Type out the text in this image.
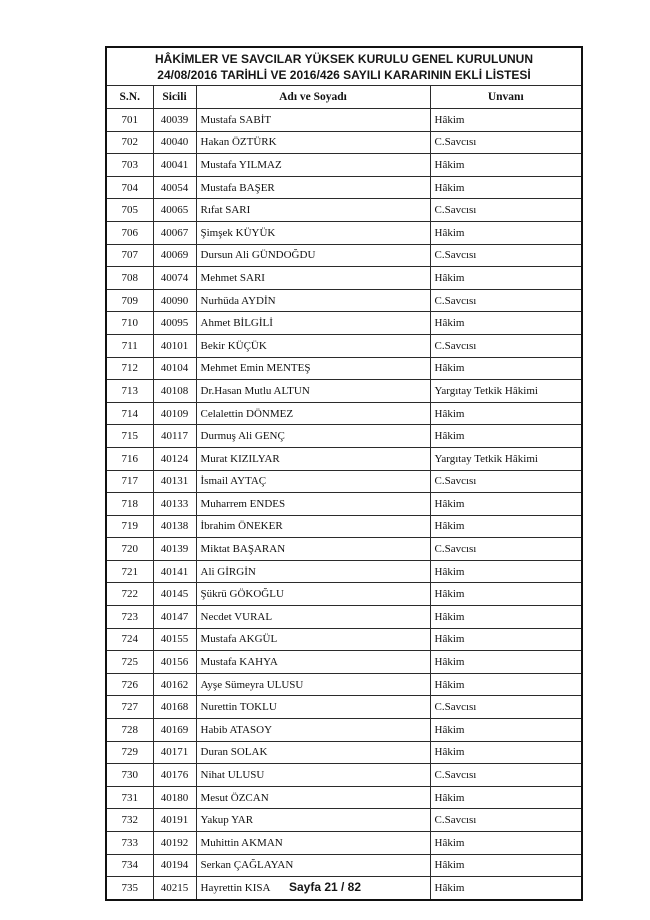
HÂKİMLER VE SAVCILAR YÜKSEK KURULU GENEL KURULUNUN
24/08/2016 TARİHLİ VE 2016/426 SAYILI KARARININ EKLİ LİSTESİ			

S.N.	Sicili	Adı ve Soyadı	Unvanı
701	40039	Mustafa SABİT	Hâkim
702	40040	Hakan ÖZTÜRK	C.Savcısı
703	40041	Mustafa YILMAZ	Hâkim
704	40054	Mustafa BAŞER	Hâkim
705	40065	Rıfat SARI	C.Savcısı
706	40067	Şimşek KÜYÜK	Hâkim
707	40069	Dursun Ali GÜNDOĞDU	C.Savcısı
708	40074	Mehmet SARI	Hâkim
709	40090	Nurhüda AYDİN	C.Savcısı
710	40095	Ahmet BİLGİLİ	Hâkim
711	40101	Bekir KÜÇÜK	C.Savcısı
712	40104	Mehmet Emin MENTEŞ	Hâkim
713	40108	Dr.Hasan Mutlu ALTUN	Yargıtay Tetkik Hâkimi
714	40109	Celalettin DÖNMEZ	Hâkim
715	40117	Durmuş Ali GENÇ	Hâkim
716	40124	Murat KIZILYAR	Yargıtay Tetkik Hâkimi
717	40131	İsmail AYTAÇ	C.Savcısı
718	40133	Muharrem ENDES	Hâkim
719	40138	İbrahim ÖNEKER	Hâkim
720	40139	Miktat BAŞARAN	C.Savcısı
721	40141	Ali GİRGİN	Hâkim
722	40145	Şükrü GÖKOĞLU	Hâkim
723	40147	Necdet VURAL	Hâkim
724	40155	Mustafa AKGÜL	Hâkim
725	40156	Mustafa KAHYA	Hâkim
726	40162	Ayşe Sümeyra ULUSU	Hâkim
727	40168	Nurettin TOKLU	C.Savcısı
728	40169	Habib ATASOY	Hâkim
729	40171	Duran SOLAK	Hâkim
730	40176	Nihat ULUSU	C.Savcısı
731	40180	Mesut ÖZCAN	Hâkim
732	40191	Yakup YAR	C.Savcısı
733	40192	Muhittin AKMAN	Hâkim
734	40194	Serkan ÇAĞLAYAN	Hâkim
735	40215	Hayrettin KISA	Hâkim
Sayfa 21 / 82
